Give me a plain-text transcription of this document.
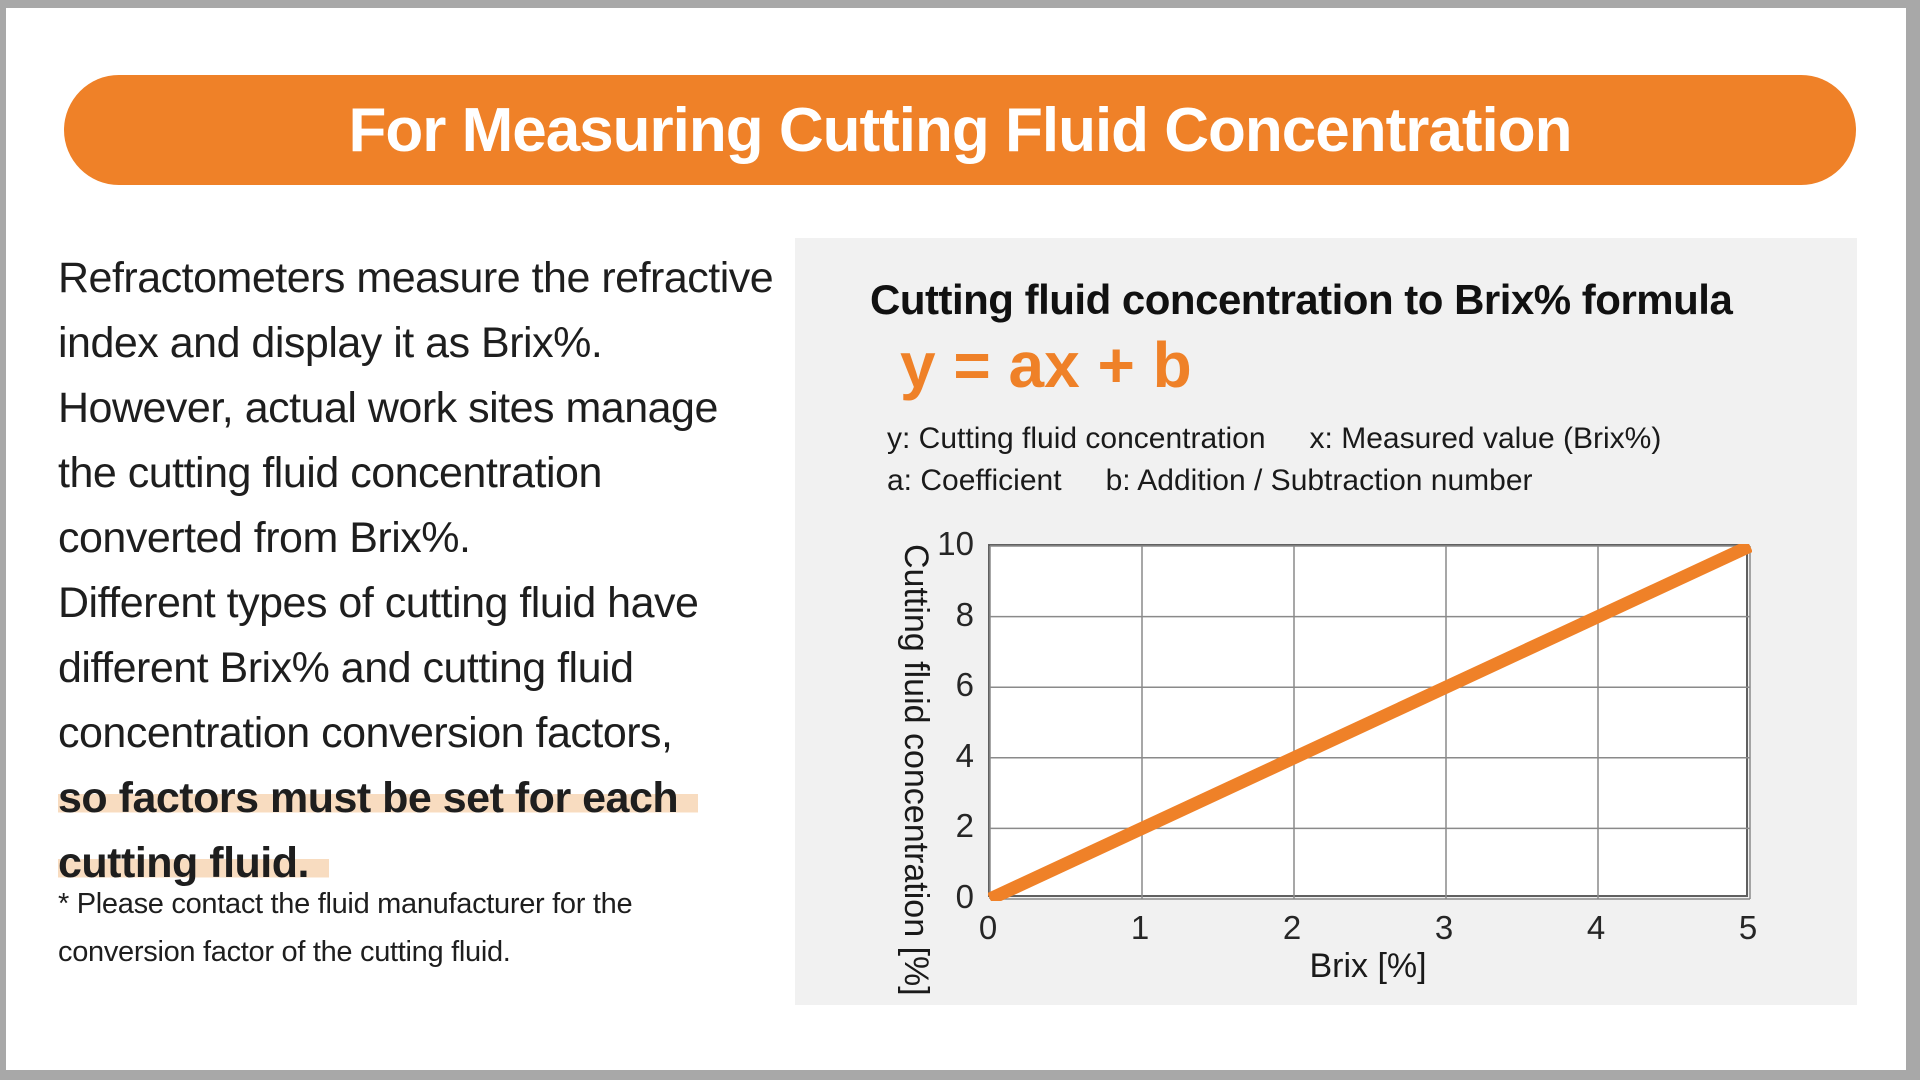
For Measuring Cutting Fluid Concentration
Refractometers measure the refractive
index and display it as Brix%.
However, actual work sites manage
the cutting fluid concentration
converted from Brix%.
Different types of cutting fluid have
different Brix% and cutting fluid
concentration conversion factors,
so factors must be set for each
cutting fluid.
* Please contact the fluid manufacturer for the
conversion factor of the cutting fluid.
Cutting fluid concentration to Brix% formula
y = ax + b
y: Cutting fluid concentration x: Measured value (Brix%)
a: Coefficient b: Addition / Subtraction number
Cutting fluid concentration [%]	Brix [%]
0
2
4
6
8
10
0	1	2	3	4	5
